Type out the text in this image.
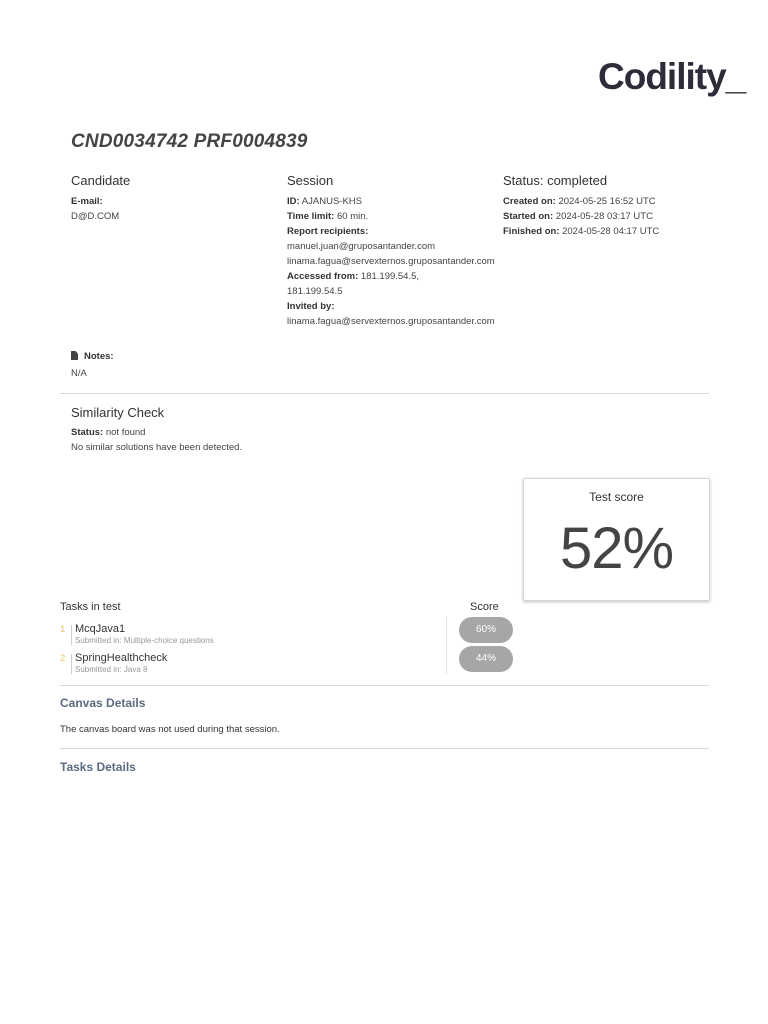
Codility_
CND0034742 PRF0004839
Candidate
E-mail:
D@D.COM
Session
ID: AJANUS-KHS
Time limit: 60 min.
Report recipients:
manuel.juan@gruposantander.com
linama.fagua@servexternos.gruposantander.com
Accessed from: 181.199.54.5,
181.199.54.5
Invited by:
linama.fagua@servexternos.gruposantander.com
Status: completed
Created on: 2024-05-25 16:52 UTC
Started on: 2024-05-28 03:17 UTC
Finished on: 2024-05-28 04:17 UTC
Notes:
N/A
Similarity Check
Status: not found
No similar solutions have been detected.
Test score
52%
Tasks in test	Score
1 McqJava1
Submitted in: Multiple-choice questions
60%
2 SpringHealthcheck
Submitted in: Java 8
44%
Canvas Details
The canvas board was not used during that session.
Tasks Details
